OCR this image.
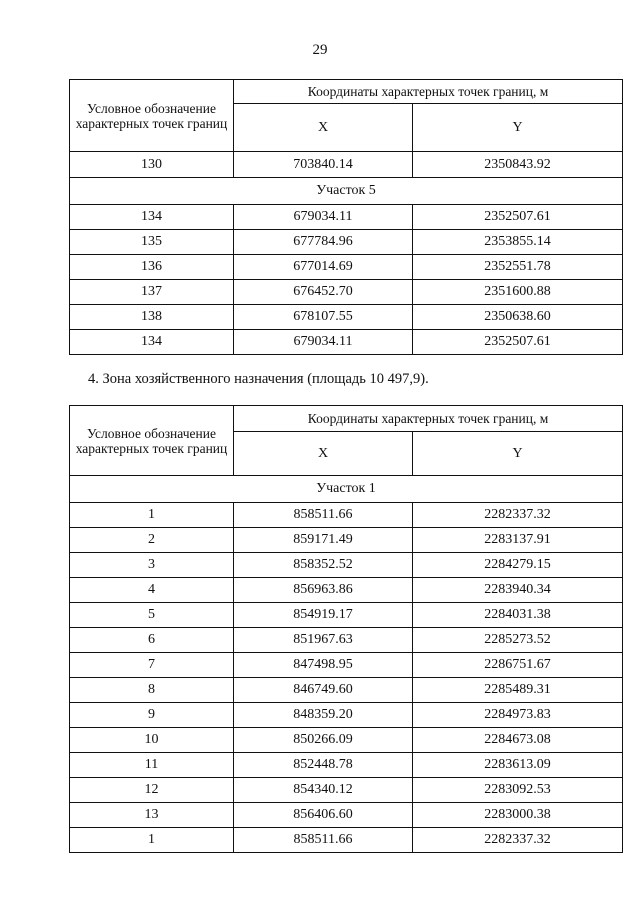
29
Условное обозначение характерных точек границ	Координаты характерных точек границ, м	
	X	Y
130	703840.14	2350843.92
Участок 5		
134	679034.11	2352507.61
135	677784.96	2353855.14
136	677014.69	2352551.78
137	676452.70	2351600.88
138	678107.55	2350638.60
134	679034.11	2352507.61
4. Зона хозяйственного назначения (площадь 10 497,9).
Условное обозначение характерных точек границ	Координаты характерных точек границ, м	
	X	Y
Участок 1		
1	858511.66	2282337.32
2	859171.49	2283137.91
3	858352.52	2284279.15
4	856963.86	2283940.34
5	854919.17	2284031.38
6	851967.63	2285273.52
7	847498.95	2286751.67
8	846749.60	2285489.31
9	848359.20	2284973.83
10	850266.09	2284673.08
11	852448.78	2283613.09
12	854340.12	2283092.53
13	856406.60	2283000.38
1	858511.66	2282337.32
